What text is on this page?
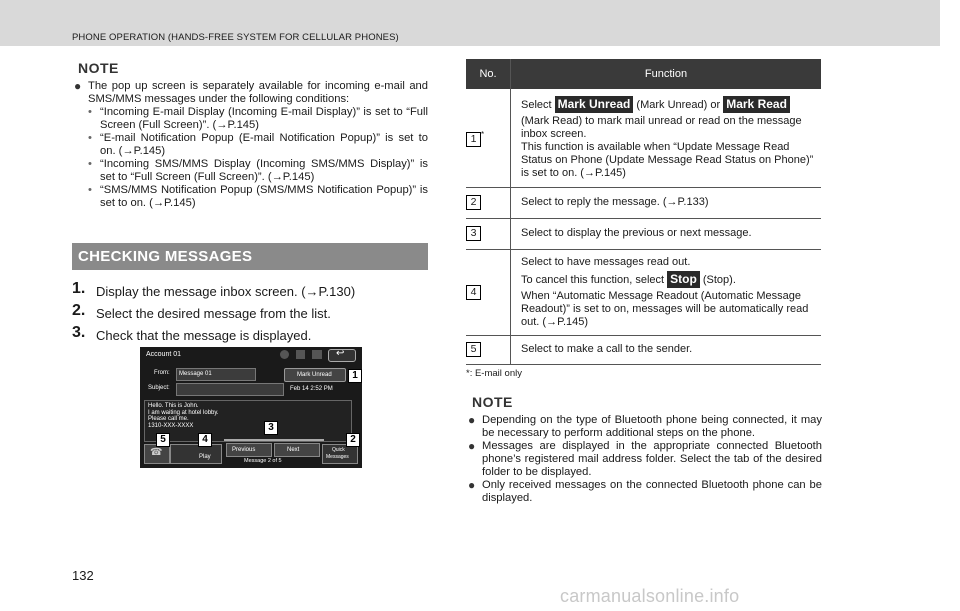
PHONE OPERATION (HANDS-FREE SYSTEM FOR CELLULAR PHONES)
NOTE
● The pop up screen is separately available for incoming e-mail and SMS/MMS messages under the following conditions:
• “Incoming E-mail Display (Incoming E-mail Display)” is set to “Full Screen (Full Screen)”. (→P.145)
• “E-mail Notification Popup (E-mail Notification Popup)” is set to on. (→P.145)
• “Incoming SMS/MMS Display (Incoming SMS/MMS Display)” is set to “Full Screen (Full Screen)”. (→P.145)
• “SMS/MMS Notification Popup (SMS/MMS Notification Popup)” is set to on. (→P.145)
CHECKING MESSAGES
1. Display the message inbox screen. (→P.130)
2. Select the desired message from the list.
3. Check that the message is displayed.
Account 01	↩
From: Message 01
Subject:
Mark Unread
Feb 14 2:52 PM
Hello. This is John.
I am waiting at hotel lobby.
Please call me.
1310-XXX-XXXX
☎	Play
Previous	Next
Message 2 of 5
Quick
Messages
1
2
3
4
5
No.	Function
1 *	Select Mark Unread (Mark Unread) or Mark Read
(Mark Read) to mark mail unread or read on the message inbox screen.
This function is available when “Update Message Read Status on Phone (Update Message Read Status on Phone)” is set to on. (→P.145)

2	Select to reply the message. (→P.133)
3	Select to display the previous or next message.
4	Select to have messages read out.
To cancel this function, select Stop (Stop).
When “Automatic Message Readout (Automatic Message Readout)” is set to on, messages will be automatically read out. (→P.145)

5	Select to make a call to the sender.
*: E-mail only
NOTE
● Depending on the type of Bluetooth phone being connected, it may be necessary to perform additional steps on the phone.
● Messages are displayed in the appropriate connected Bluetooth phone’s registered mail address folder. Select the tab of the desired folder to be displayed.
● Only received messages on the connected Bluetooth phone can be displayed.
132
carmanualsonline.info
